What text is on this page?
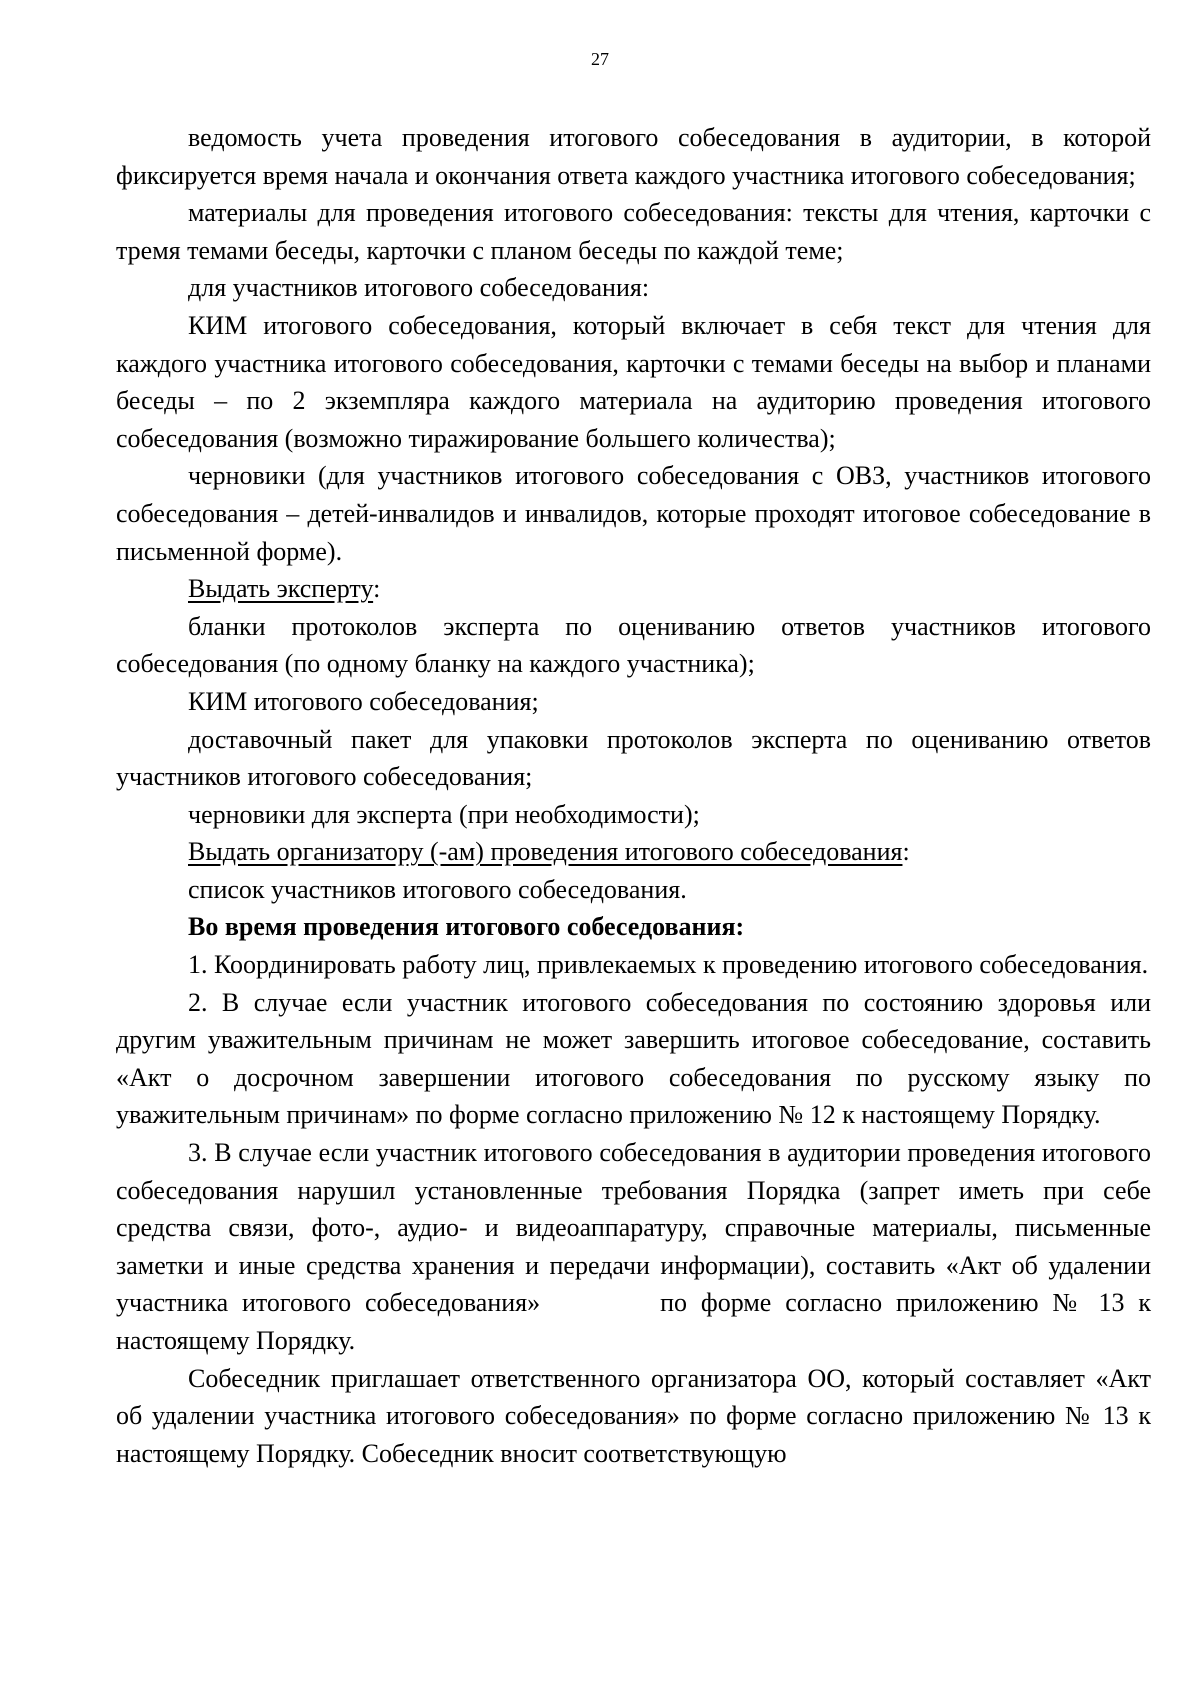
27

ведомость учета проведения итогового собеседования в аудитории, в которой фиксируется время начала и окончания ответа каждого участника итогового собеседования;

материалы для проведения итогового собеседования: тексты для чтения, карточки с тремя темами беседы, карточки с планом беседы по каждой теме;

для участников итогового собеседования:

КИМ итогового собеседования, который включает в себя текст для чтения для каждого участника итогового собеседования, карточки с темами беседы на выбор и планами беседы – по 2 экземпляра каждого материала на аудиторию проведения итогового собеседования (возможно тиражирование большего количества);

черновики (для участников итогового собеседования с ОВЗ, участников итогового собеседования – детей-инвалидов и инвалидов, которые проходят итоговое собеседование в письменной форме).

Выдать эксперту:

бланки протоколов эксперта по оцениванию ответов участников итогового собеседования (по одному бланку на каждого участника);

КИМ итогового собеседования;

доставочный пакет для упаковки протоколов эксперта по оцениванию ответов участников итогового собеседования;

черновики для эксперта (при необходимости);

Выдать организатору (-ам) проведения итогового собеседования:

список участников итогового собеседования.

Во время проведения итогового собеседования:

1. Координировать работу лиц, привлекаемых к проведению итогового собеседования.

2. В случае если участник итогового собеседования по состоянию здоровья или другим уважительным причинам не может завершить итоговое собеседование, составить «Акт о досрочном завершении итогового собеседования по русскому языку по уважительным причинам» по форме согласно приложению № 12 к настоящему Порядку.

3. В случае если участник итогового собеседования в аудитории проведения итогового собеседования нарушил установленные требования Порядка (запрет иметь при себе средства связи, фото-, аудио- и видеоаппаратуру, справочные материалы, письменные заметки и иные средства хранения и передачи информации), составить «Акт об удалении участника итогового собеседования»	по форме согласно приложению № 13 к настоящему Порядку.

Собеседник приглашает ответственного организатора ОО, который составляет «Акт об удалении участника итогового собеседования» по форме согласно приложению № 13 к настоящему Порядку. Собеседник вносит соответствующую
